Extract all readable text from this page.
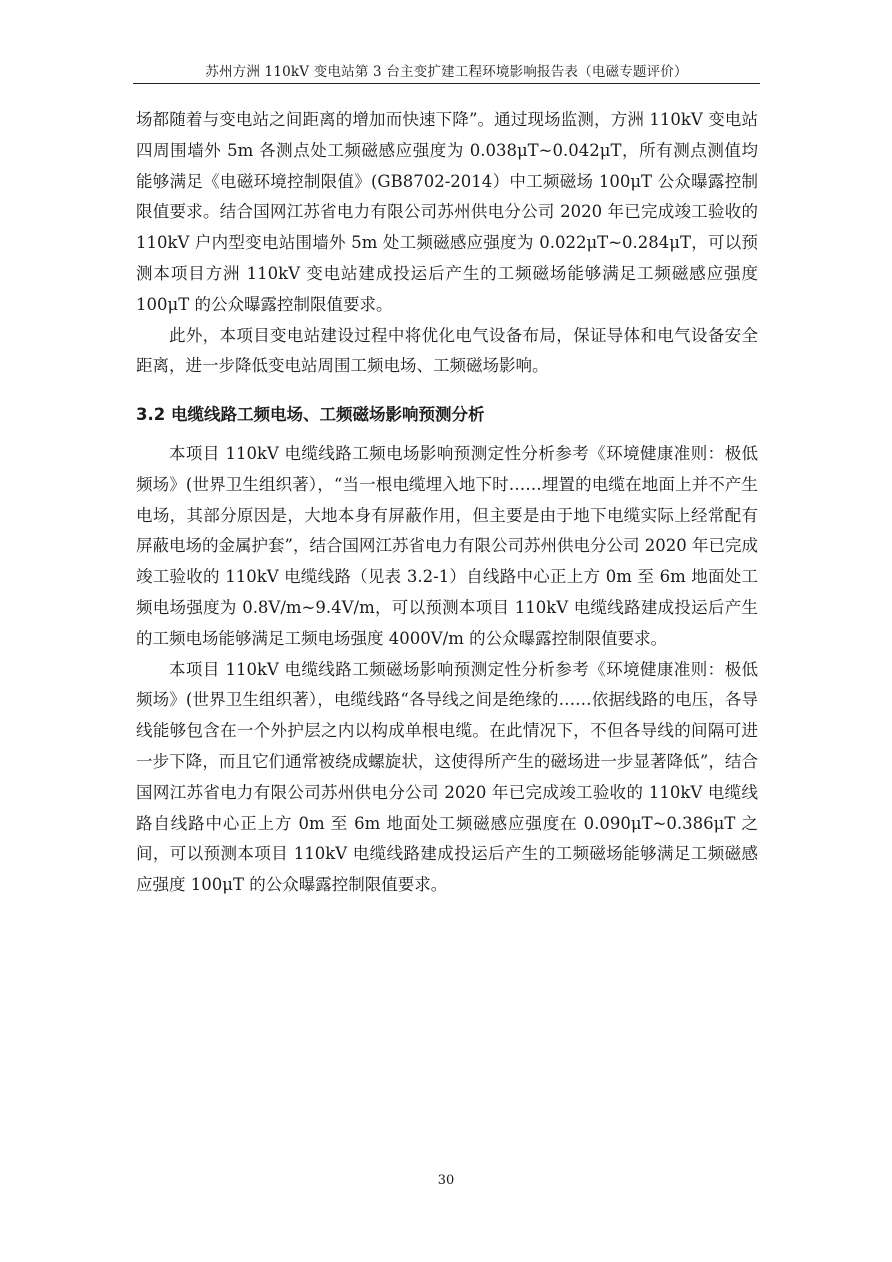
苏州方洲 110kV 变电站第 3 台主变扩建工程环境影响报告表（电磁专题评价）

场都随着与变电站之间距离的增加而快速下降”。通过现场监测，方洲 110kV 变电站四周围墙外 5m 各测点处工频磁感应强度为 0.038μT~0.042μT，所有测点测值均能够满足《电磁环境控制限值》(GB8702-2014）中工频磁场 100μT 公众曝露控制限值要求。结合国网江苏省电力有限公司苏州供电分公司 2020 年已完成竣工验收的 110kV 户内型变电站围墙外 5m 处工频磁感应强度为 0.022μT~0.284μT，可以预测本项目方洲 110kV 变电站建成投运后产生的工频磁场能够满足工频磁感应强度 100μT 的公众曝露控制限值要求。

此外，本项目变电站建设过程中将优化电气设备布局，保证导体和电气设备安全距离，进一步降低变电站周围工频电场、工频磁场影响。

3.2 电缆线路工频电场、工频磁场影响预测分析

本项目 110kV 电缆线路工频电场影响预测定性分析参考《环境健康准则：极低频场》(世界卫生组织著），“当一根电缆埋入地下时……埋置的电缆在地面上并不产生电场，其部分原因是，大地本身有屏蔽作用，但主要是由于地下电缆实际上经常配有屏蔽电场的金属护套”，结合国网江苏省电力有限公司苏州供电分公司 2020 年已完成竣工验收的 110kV 电缆线路（见表 3.2-1）自线路中心正上方 0m 至 6m 地面处工频电场强度为 0.8V/m~9.4V/m，可以预测本项目 110kV 电缆线路建成投运后产生的工频电场能够满足工频电场强度 4000V/m 的公众曝露控制限值要求。

本项目 110kV 电缆线路工频磁场影响预测定性分析参考《环境健康准则：极低频场》(世界卫生组织著），电缆线路“各导线之间是绝缘的……依据线路的电压，各导线能够包含在一个外护层之内以构成单根电缆。在此情况下，不但各导线的间隔可进一步下降，而且它们通常被绕成螺旋状，这使得所产生的磁场进一步显著降低”，结合国网江苏省电力有限公司苏州供电分公司 2020 年已完成竣工验收的 110kV 电缆线路自线路中心正上方 0m 至 6m 地面处工频磁感应强度在 0.090μT~0.386μT 之间，可以预测本项目 110kV 电缆线路建成投运后产生的工频磁场能够满足工频磁感应强度 100μT 的公众曝露控制限值要求。

30
